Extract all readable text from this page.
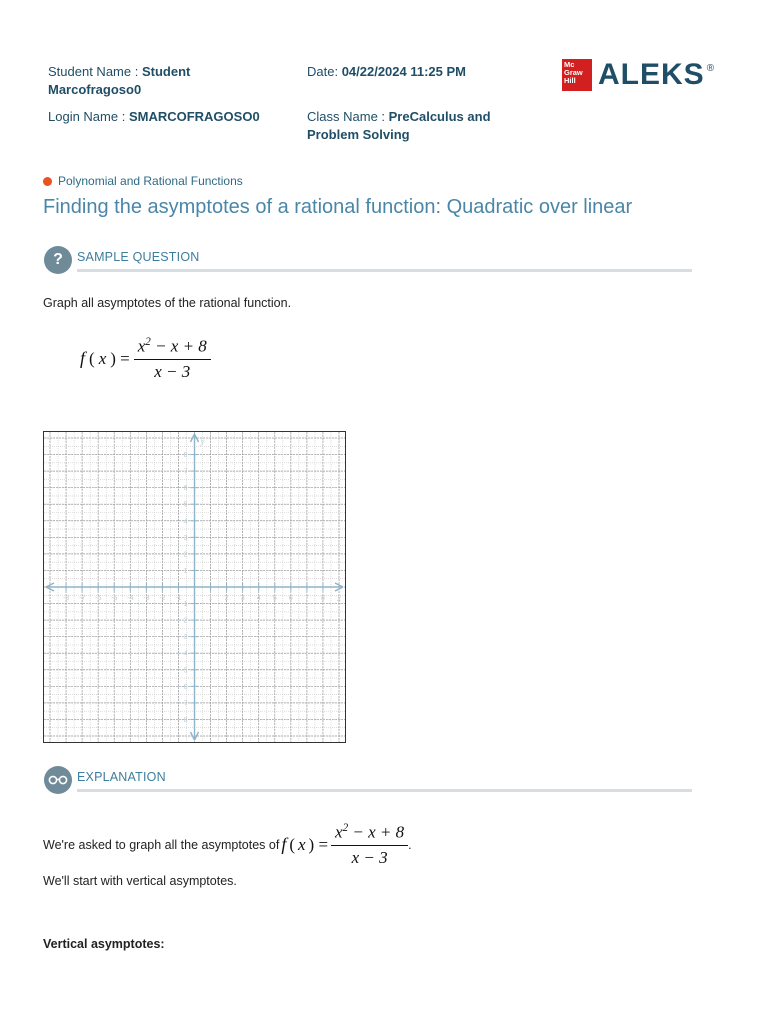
Student Name : Student Marcofragoso0
Date: 04/22/2024 11:25 PM
Login Name : SMARCOFRAGOSO0	Class Name : PreCalculus and Problem Solving
Mc
Graw
Hill ALEKS ®
Polynomial and Rational Functions
Finding the asymptotes of a rational function: Quadratic over linear
?	SAMPLE QUESTION
Graph all asymptotes of the rational function.
f ( x ) = $\frac{x^2 - x + 8}{x - 3}$
-8 -7 -6 -5 -4 -3 -2 -1	1 2 3 4 5 6 7 8
-8
-7
-6
-5
-4
-3
-2
-1
1
2
3
4
5
6
7
8
x
y
EXPLANATION
We're asked to graph all the asymptotes of f ( x ) = $\frac{x^2 - x + 8}{x - 3}$ .
We'll start with vertical asymptotes.
Vertical asymptotes:
